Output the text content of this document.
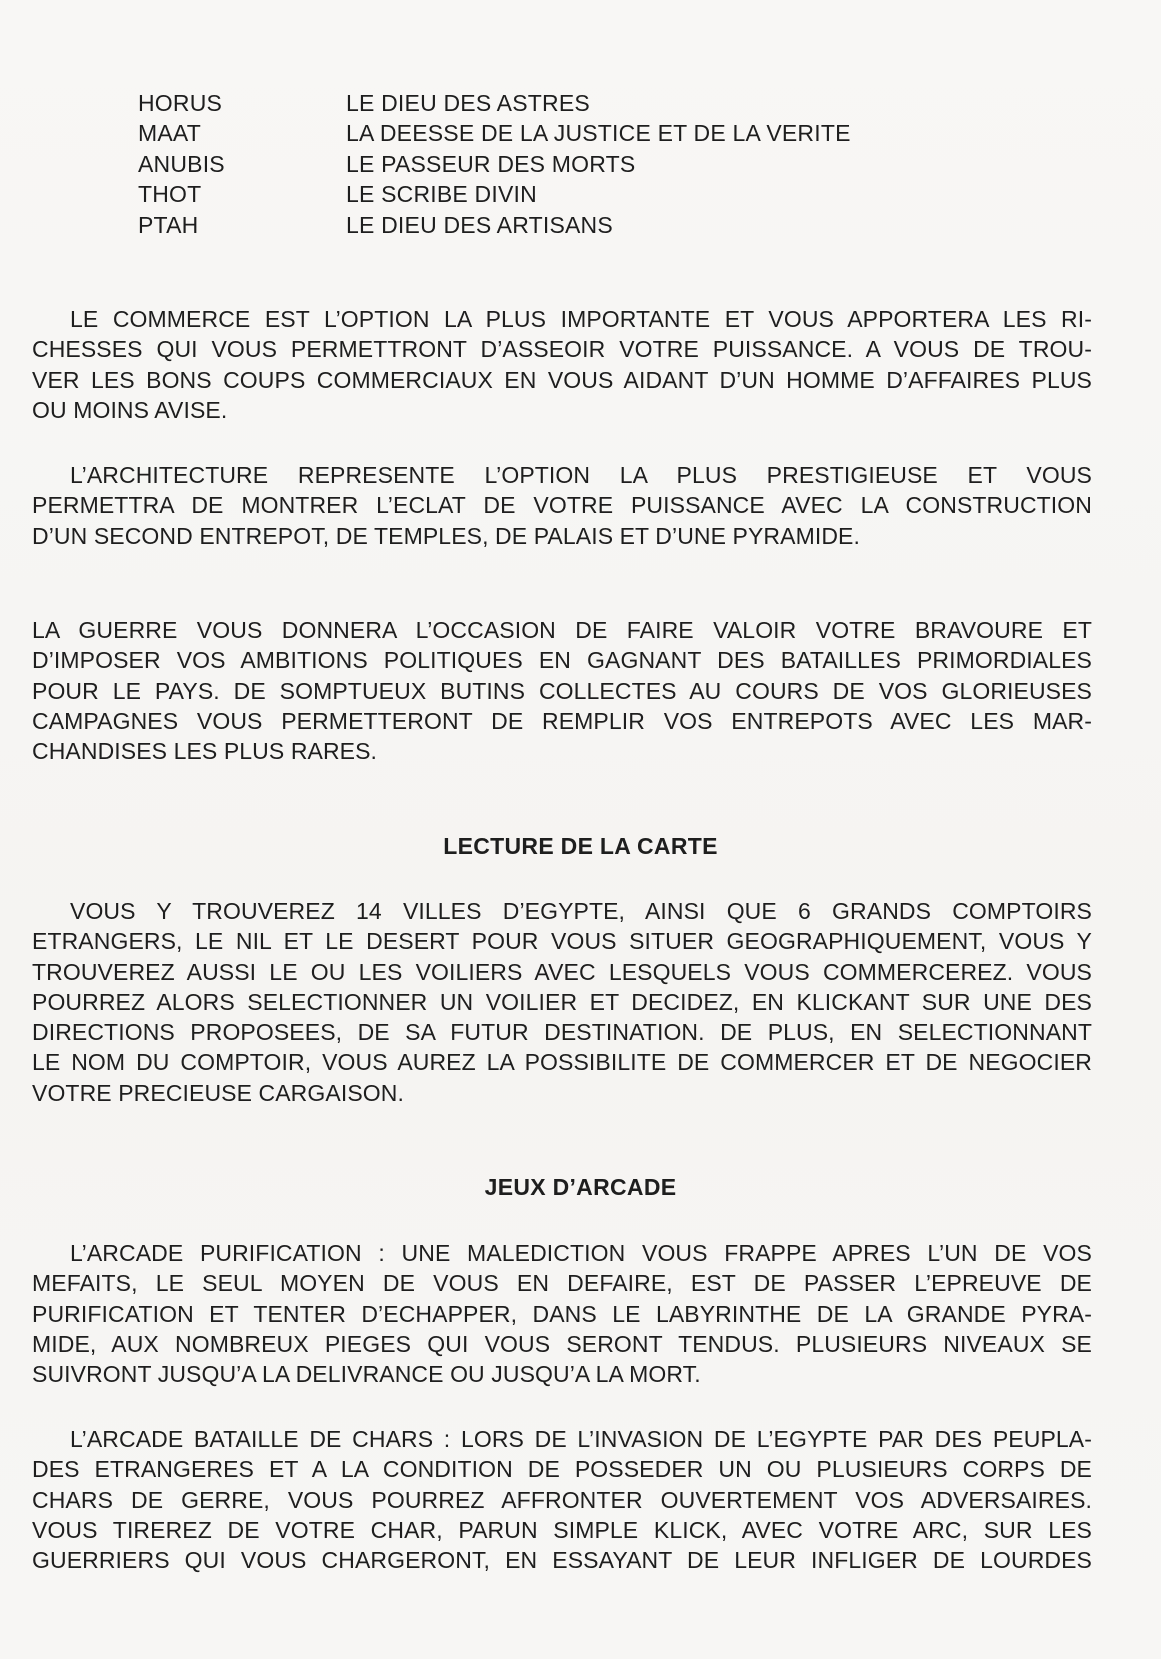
HORUS	LE DIEU DES ASTRES
MAAT	LA DEESSE DE LA JUSTICE ET DE LA VERITE
ANUBIS	LE PASSEUR DES MORTS
THOT	LE SCRIBE DIVIN
PTAH	LE DIEU DES ARTISANS
LE COMMERCE EST L’OPTION LA PLUS IMPORTANTE ET VOUS APPORTERA LES RI-
CHESSES QUI VOUS PERMETTRONT D’ASSEOIR VOTRE PUISSANCE. A VOUS DE TROU-
VER LES BONS COUPS COMMERCIAUX EN VOUS AIDANT D’UN HOMME D’AFFAIRES PLUS
OU MOINS AVISE.
L’ARCHITECTURE REPRESENTE L’OPTION LA PLUS PRESTIGIEUSE ET VOUS
PERMETTRA DE MONTRER L’ECLAT DE VOTRE PUISSANCE AVEC LA CONSTRUCTION
D’UN SECOND ENTREPOT, DE TEMPLES, DE PALAIS ET D’UNE PYRAMIDE.
LA GUERRE VOUS DONNERA L’OCCASION DE FAIRE VALOIR VOTRE BRAVOURE ET
D’IMPOSER VOS AMBITIONS POLITIQUES EN GAGNANT DES BATAILLES PRIMORDIALES
POUR LE PAYS. DE SOMPTUEUX BUTINS COLLECTES AU COURS DE VOS GLORIEUSES
CAMPAGNES VOUS PERMETTERONT DE REMPLIR VOS ENTREPOTS AVEC LES MAR-
CHANDISES LES PLUS RARES.
LECTURE DE LA CARTE
VOUS Y TROUVEREZ 14 VILLES D’EGYPTE, AINSI QUE 6 GRANDS COMPTOIRS
ETRANGERS, LE NIL ET LE DESERT POUR VOUS SITUER GEOGRAPHIQUEMENT, VOUS Y
TROUVEREZ AUSSI LE OU LES VOILIERS AVEC LESQUELS VOUS COMMERCEREZ. VOUS
POURREZ ALORS SELECTIONNER UN VOILIER ET DECIDEZ, EN KLICKANT SUR UNE DES
DIRECTIONS PROPOSEES, DE SA FUTUR DESTINATION. DE PLUS, EN SELECTIONNANT
LE NOM DU COMPTOIR, VOUS AUREZ LA POSSIBILITE DE COMMERCER ET DE NEGOCIER
VOTRE PRECIEUSE CARGAISON.
JEUX D’ARCADE
L’ARCADE PURIFICATION : UNE MALEDICTION VOUS FRAPPE APRES L’UN DE VOS
MEFAITS, LE SEUL MOYEN DE VOUS EN DEFAIRE, EST DE PASSER L’EPREUVE DE
PURIFICATION ET TENTER D’ECHAPPER, DANS LE LABYRINTHE DE LA GRANDE PYRA-
MIDE, AUX NOMBREUX PIEGES QUI VOUS SERONT TENDUS. PLUSIEURS NIVEAUX SE
SUIVRONT JUSQU’A LA DELIVRANCE OU JUSQU’A LA MORT.
L’ARCADE BATAILLE DE CHARS : LORS DE L’INVASION DE L’EGYPTE PAR DES PEUPLA-
DES ETRANGERES ET A LA CONDITION DE POSSEDER UN OU PLUSIEURS CORPS DE
CHARS DE GERRE, VOUS POURREZ AFFRONTER OUVERTEMENT VOS ADVERSAIRES.
VOUS TIREREZ DE VOTRE CHAR, PARUN SIMPLE KLICK, AVEC VOTRE ARC, SUR LES
GUERRIERS QUI VOUS CHARGERONT, EN ESSAYANT DE LEUR INFLIGER DE LOURDES
